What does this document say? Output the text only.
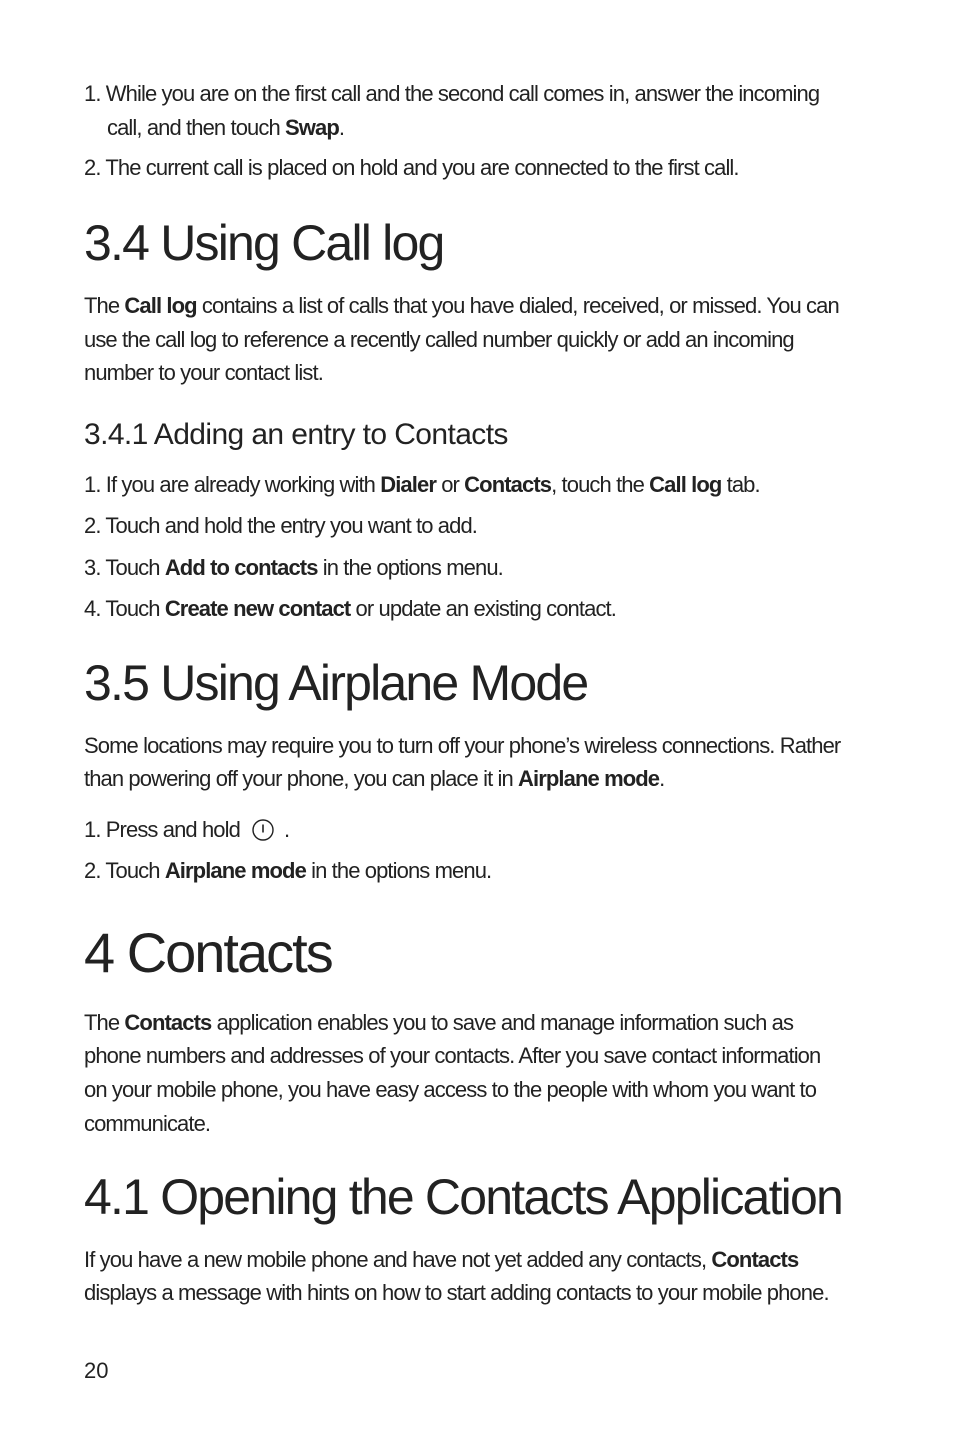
1. While you are on the first call and the second call comes in, answer the incoming
call, and then touch Swap.
2. The current call is placed on hold and you are connected to the first call.
3.4 Using Call log
The Call log contains a list of calls that you have dialed, received, or missed. You can
use the call log to reference a recently called number quickly or add an incoming
number to your contact list.
3.4.1 Adding an entry to Contacts
1. If you are already working with Dialer or Contacts, touch the Call log tab.
2. Touch and hold the entry you want to add.
3. Touch Add to contacts in the options menu.
4. Touch Create new contact or update an existing contact.
3.5 Using Airplane Mode
Some locations may require you to turn off your phone’s wireless connections. Rather
than powering off your phone, you can place it in Airplane mode.
1. Press and hold .
2. Touch Airplane mode in the options menu.
4 Contacts
The Contacts application enables you to save and manage information such as
phone numbers and addresses of your contacts. After you save contact information
on your mobile phone, you have easy access to the people with whom you want to
communicate.
4.1 Opening the Contacts Application
If you have a new mobile phone and have not yet added any contacts, Contacts
displays a message with hints on how to start adding contacts to your mobile phone.
20
